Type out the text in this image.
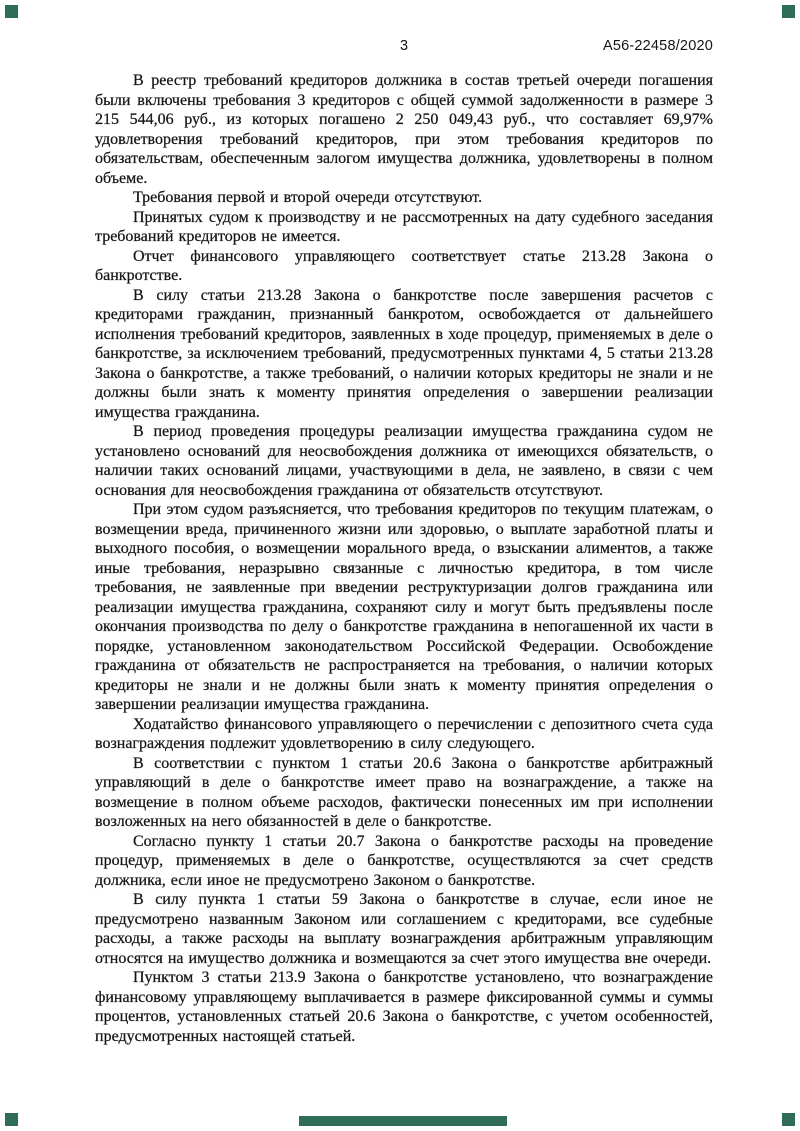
3	А56-22458/2020

В реестр требований кредиторов должника в состав третьей очереди погашения были включены требования 3 кредиторов с общей суммой задолженности в размере 3 215 544,06 руб., из которых погашено 2 250 049,43 руб., что составляет 69,97% удовлетворения требований кредиторов, при этом требования кредиторов по обязательствам, обеспеченным залогом имущества должника, удовлетворены в полном объеме.

Требования первой и второй очереди отсутствуют.

Принятых судом к производству и не рассмотренных на дату судебного заседания требований кредиторов не имеется.

Отчет финансового управляющего соответствует статье 213.28 Закона о банкротстве.

В силу статьи 213.28 Закона о банкротстве после завершения расчетов с кредиторами гражданин, признанный банкротом, освобождается от дальнейшего исполнения требований кредиторов, заявленных в ходе процедур, применяемых в деле о банкротстве, за исключением требований, предусмотренных пунктами 4, 5 статьи 213.28 Закона о банкротстве, а также требований, о наличии которых кредиторы не знали и не должны были знать к моменту принятия определения о завершении реализации имущества гражданина.

В период проведения процедуры реализации имущества гражданина судом не установлено оснований для неосвобождения должника от имеющихся обязательств, о наличии таких оснований лицами, участвующими в дела, не заявлено, в связи с чем основания для неосвобождения гражданина от обязательств отсутствуют.

При этом судом разъясняется, что требования кредиторов по текущим платежам, о возмещении вреда, причиненного жизни или здоровью, о выплате заработной платы и выходного пособия, о возмещении морального вреда, о взыскании алиментов, а также иные требования, неразрывно связанные с личностью кредитора, в том числе требования, не заявленные при введении реструктуризации долгов гражданина или реализации имущества гражданина, сохраняют силу и могут быть предъявлены после окончания производства по делу о банкротстве гражданина в непогашенной их части в порядке, установленном законодательством Российской Федерации. Освобождение гражданина от обязательств не распространяется на требования, о наличии которых кредиторы не знали и не должны были знать к моменту принятия определения о завершении реализации имущества гражданина.

Ходатайство финансового управляющего о перечислении с депозитного счета суда вознаграждения подлежит удовлетворению в силу следующего.

В соответствии с пунктом 1 статьи 20.6 Закона о банкротстве арбитражный управляющий в деле о банкротстве имеет право на вознаграждение, а также на возмещение в полном объеме расходов, фактически понесенных им при исполнении возложенных на него обязанностей в деле о банкротстве.

Согласно пункту 1 статьи 20.7 Закона о банкротстве расходы на проведение процедур, применяемых в деле о банкротстве, осуществляются за счет средств должника, если иное не предусмотрено Законом о банкротстве.

В силу пункта 1 статьи 59 Закона о банкротстве в случае, если иное не предусмотрено названным Законом или соглашением с кредиторами, все судебные расходы, а также расходы на выплату вознаграждения арбитражным управляющим относятся на имущество должника и возмещаются за счет этого имущества вне очереди.

Пунктом 3 статьи 213.9 Закона о банкротстве установлено, что вознаграждение финансовому управляющему выплачивается в размере фиксированной суммы и суммы процентов, установленных статьей 20.6 Закона о банкротстве, с учетом особенностей, предусмотренных настоящей статьей.
